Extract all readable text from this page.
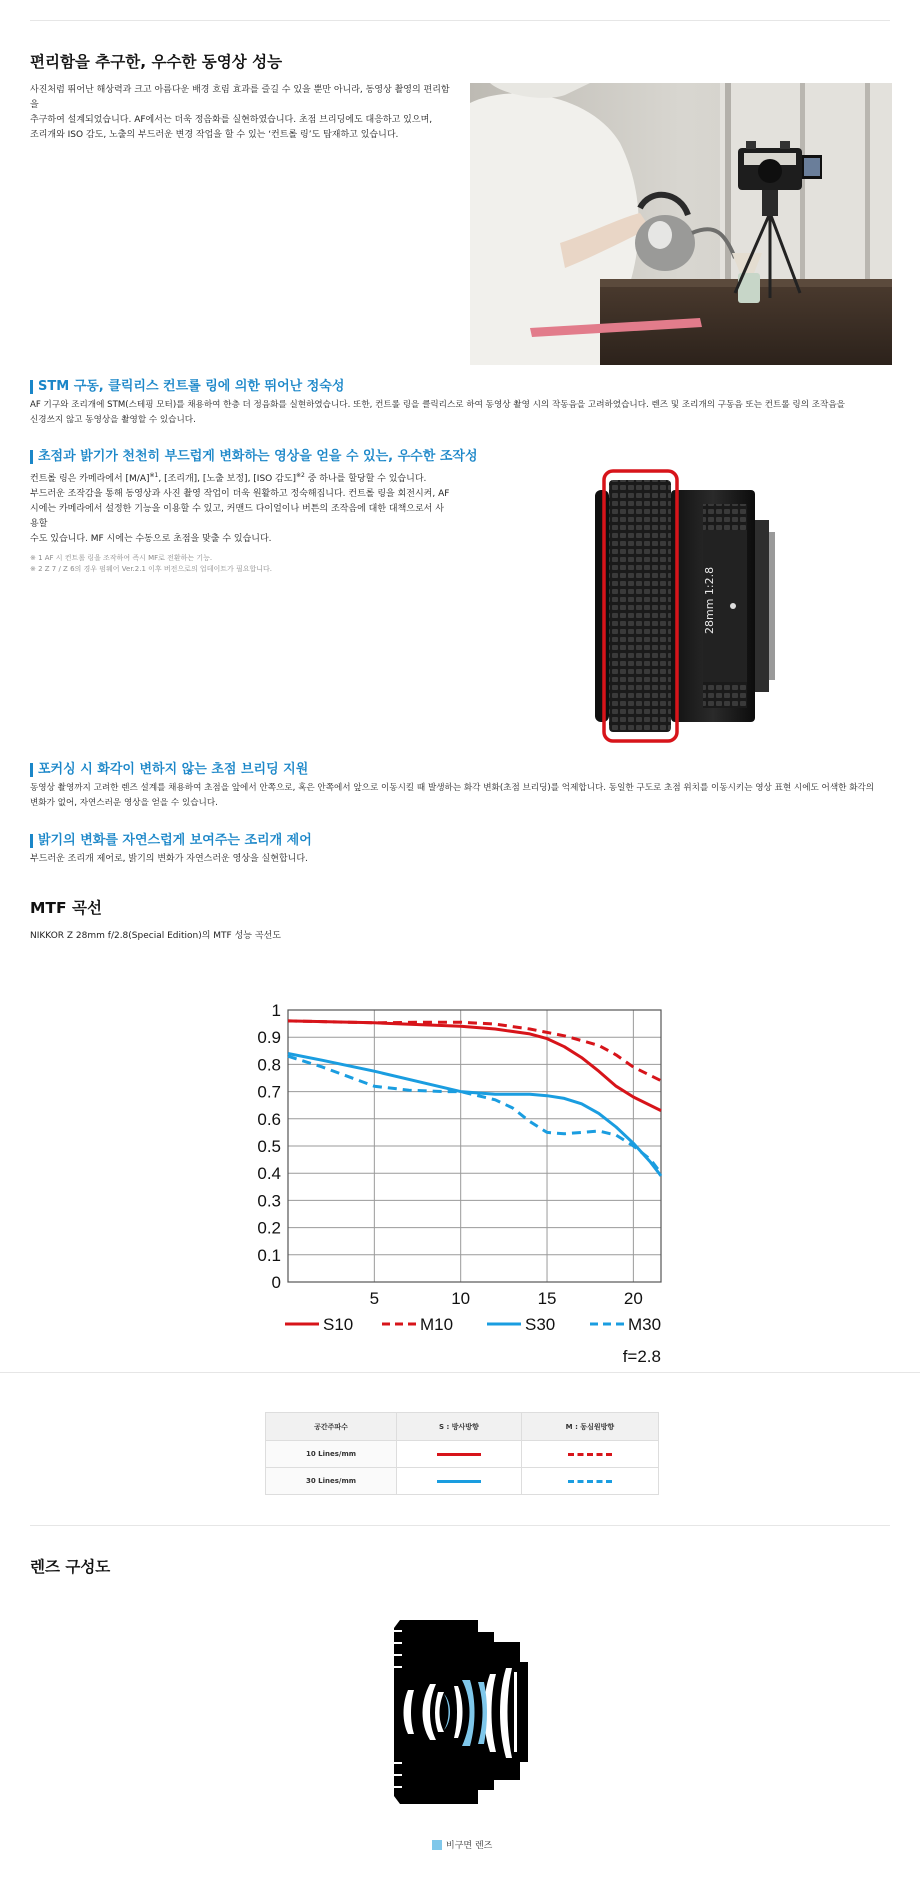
편리함을 추구한, 우수한 동영상 성능

사진처럼 뛰어난 해상력과 크고 아름다운 배경 흐림 효과를 즐길 수 있을 뿐만 아니라, 동영상 촬영의 편리함을

추구하여 설계되었습니다. AF에서는 더욱 정음화를 실현하였습니다. 초점 브리딩에도 대응하고 있으며,

조리개와 ISO 감도, 노출의 부드러운 변경 작업을 할 수 있는 ‘컨트롤 링’도 탑재하고 있습니다.

STM 구동, 클릭리스 컨트롤 링에 의한 뛰어난 정숙성

AF 기구와 조리개에 STM(스테핑 모터)를 채용하여 한층 더 정음화를 실현하였습니다. 또한, 컨트롤 링을 클릭리스로 하여 동영상 촬영 시의 작동음을 고려하였습니다. 렌즈 및 조리개의 구동음 또는 컨트롤 링의 조작음을

신경쓰지 않고 동영상을 촬영할 수 있습니다.

초점과 밝기가 천천히 부드럽게 변화하는 영상을 얻을 수 있는, 우수한 조작성

컨트롤 링은 카메라에서 $[M/A]^{※1}$, [조리개], [노출 보정], [ISO 감도]$^{※2}$ 중 하나를 할당할 수 있습니다.

부드러운 조작감을 통해 동영상과 사진 촬영 작업이 더욱 원활하고 정숙해집니다. 컨트롤 링을 회전시켜, AF

시에는 카메라에서 설정한 기능을 이용할 수 있고, 커맨드 다이얼이나 버튼의 조작음에 대한 대책으로서 사용할

수도 있습니다. MF 시에는 수동으로 초점을 맞출 수 있습니다.

※ 1 AF 시 컨트롤 링을 조작하여 즉시 MF로 전환하는 기능.

※ 2 Z 7 / Z 6의 경우 펌웨어 Ver.2.1 이후 버전으로의 업데이트가 필요합니다.	28mm 1:2.8
포커싱 시 화각이 변하지 않는 초점 브리딩 지원

동영상 촬영까지 고려한 렌즈 설계를 채용하여 초점을 앞에서 안쪽으로, 혹은 안쪽에서 앞으로 이동시킬 때 발생하는 화각 변화(초점 브리딩)를 억제합니다. 동일한 구도로 초점 위치를 이동시키는 영상 표현 시에도 어색한 화각의

변화가 없어, 자연스러운 영상을 얻을 수 있습니다.

밝기의 변화를 자연스럽게 보여주는 조리개 제어

부드러운 조리개 제어로, 밝기의 변화가 자연스러운 영상을 실현합니다.

MTF 곡선

NIKKOR Z 28mm f/2.8(Special Edition)의 MTF 성능 곡선도

0
0.1
0.2
0.3
0.4
0.5
0.6
0.7
0.8
0.9
1
5	10	15	20
S10	M10	S30	M30
f=2.8
공간주파수	S : 방사방향	M : 동심원방향
10 Lines/mm		
30 Lines/mm		
렌즈 구성도
비구면 렌즈
